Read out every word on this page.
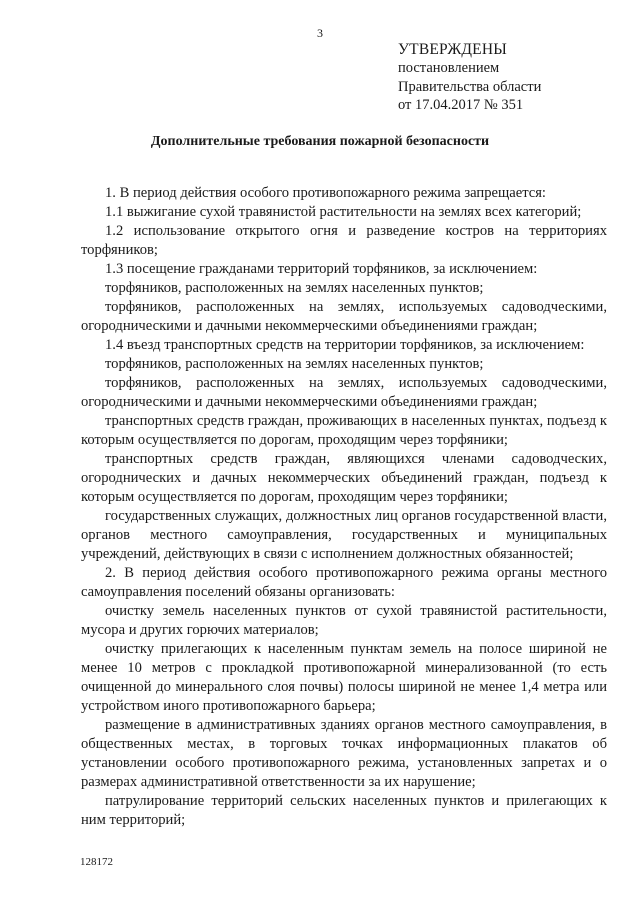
3
УТВЕРЖДЕНЫ
постановлением
Правительства области
от 17.04.2017 № 351
Дополнительные требования пожарной безопасности

1. В период действия особого противопожарного режима запрещается:

1.1 выжигание сухой травянистой растительности на землях всех категорий;

1.2 использование открытого огня и разведение костров на территориях торфяников;

1.3 посещение гражданами территорий торфяников, за исключением:

торфяников, расположенных на землях населенных пунктов;

торфяников, расположенных на землях, используемых садоводческими, огородническими и дачными некоммерческими объединениями граждан;

1.4 въезд транспортных средств на территории торфяников, за исключением:

торфяников, расположенных на землях населенных пунктов;

торфяников, расположенных на землях, используемых садоводческими, огородническими и дачными некоммерческими объединениями граждан;

транспортных средств граждан, проживающих в населенных пунктах, подъезд к которым осуществляется по дорогам, проходящим через торфяники;

транспортных средств граждан, являющихся членами садоводческих, огороднических и дачных некоммерческих объединений граждан, подъезд к которым осуществляется по дорогам, проходящим через торфяники;

государственных служащих, должностных лиц органов государственной власти, органов местного самоуправления, государственных и муниципальных учреждений, действующих в связи с исполнением должностных обязанностей;

2. В период действия особого противопожарного режима органы местного самоуправления поселений обязаны организовать:

очистку земель населенных пунктов от сухой травянистой растительности, мусора и других горючих материалов;

очистку прилегающих к населенным пунктам земель на полосе шириной не менее 10 метров с прокладкой противопожарной минерализованной (то есть очищенной до минерального слоя почвы) полосы шириной не менее 1,4 метра или устройством иного противопожарного барьера;

размещение в административных зданиях органов местного самоуправления, в общественных местах, в торговых точках информационных плакатов об установлении особого противопожарного режима, установленных запретах и о размерах административной ответственности за их нарушение;

патрулирование территорий сельских населенных пунктов и прилегающих к ним территорий;

128172
